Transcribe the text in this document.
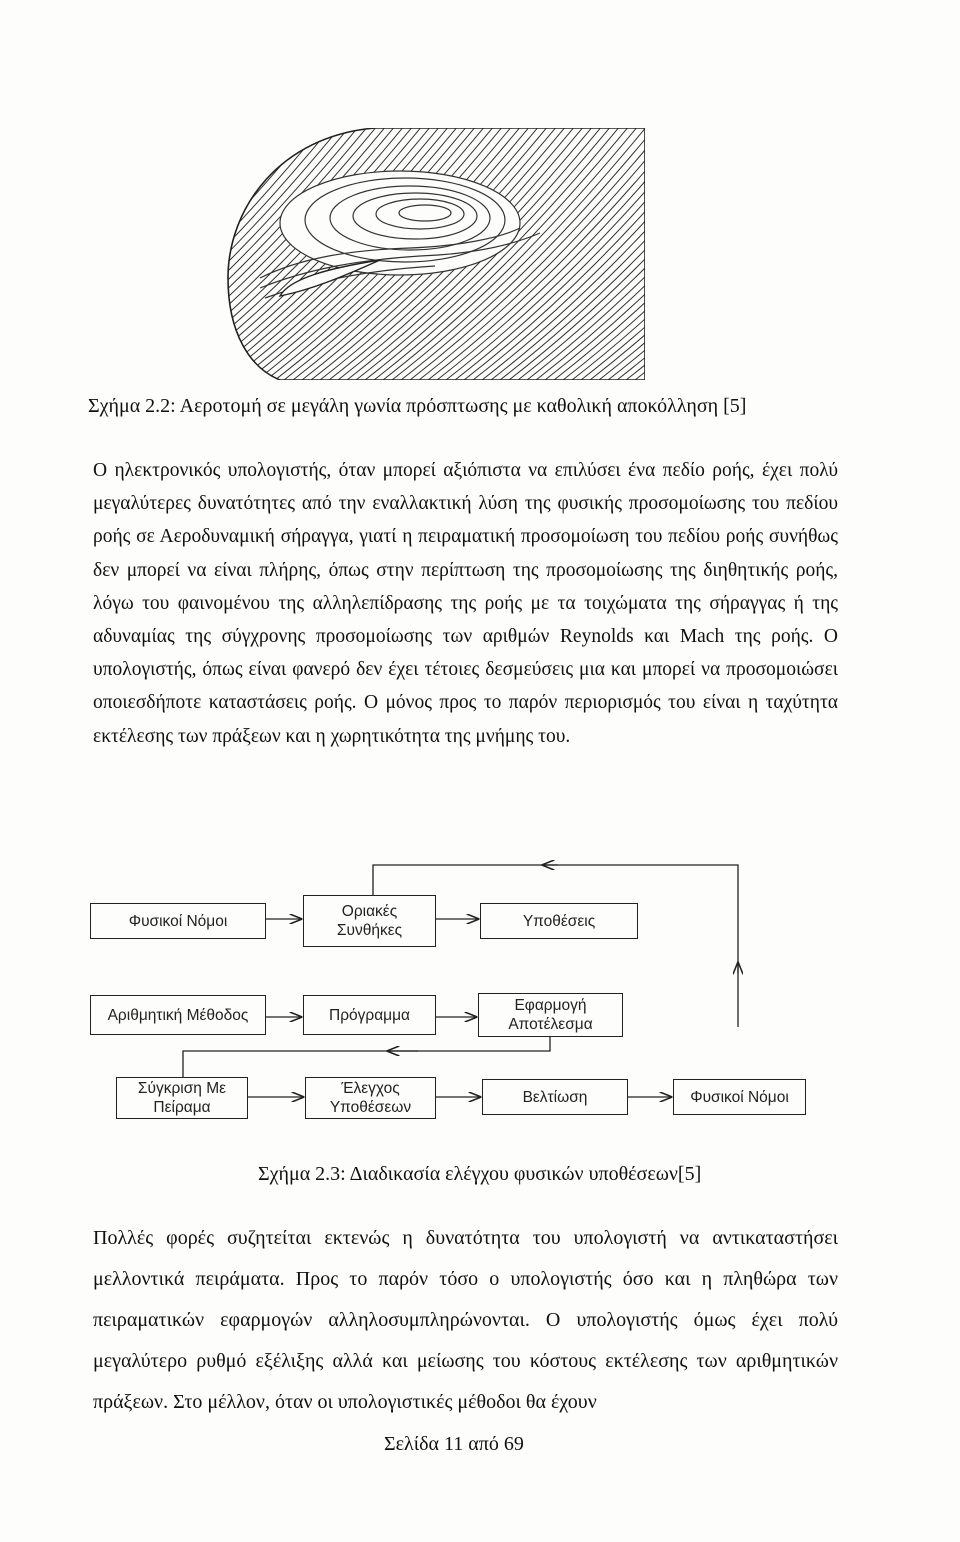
Σχήμα 2.2: Αεροτομή σε μεγάλη γωνία πρόσπτωσης με καθολική αποκόλληση [5]
Ο ηλεκτρονικός υπολογιστής, όταν μπορεί αξιόπιστα να επιλύσει ένα πεδίο ροής, έχει πολύ μεγαλύτερες δυνατότητες από την εναλλακτική λύση της φυσικής προσομοίωσης του πεδίου ροής σε Αεροδυναμική σήραγγα, γιατί η πειραματική προσομοίωση του πεδίου ροής συνήθως δεν μπορεί να είναι πλήρης, όπως στην περίπτωση της προσομοίωσης της διηθητικής ροής, λόγω του φαινομένου της αλληλεπίδρασης της ροής με τα τοιχώματα της σήραγγας ή της αδυναμίας της σύγχρονης προσομοίωσης των αριθμών Reynolds και Mach της ροής. Ο υπολογιστής, όπως είναι φανερό δεν έχει τέτοιες δεσμεύσεις μια και μπορεί να προσομοιώσει οποιεσδήποτε καταστάσεις ροής. Ο μόνος προς το παρόν περιορισμός του είναι η ταχύτητα εκτέλεσης των πράξεων και η χωρητικότητα της μνήμης του.
Φυσικοί Νόμοι
Οριακές
Συνθήκες
Υποθέσεις
Αριθμητική Μέθοδος	Πρόγραμμα
Εφαρμογή
Αποτέλεσμα
Σύγκριση Με
Πείραμα
Έλεγχος
Υποθέσεων
Βελτίωση	Φυσικοί Νόμοι
Σχήμα 2.3: Διαδικασία ελέγχου φυσικών υποθέσεων[5]
Πολλές φορές συζητείται εκτενώς η δυνατότητα του υπολογιστή να αντικαταστήσει μελλοντικά πειράματα. Προς το παρόν τόσο ο υπολογιστής όσο και η πληθώρα των πειραματικών εφαρμογών αλληλοσυμπληρώνονται. Ο υπολογιστής όμως έχει πολύ μεγαλύτερο ρυθμό εξέλιξης αλλά και μείωσης του κόστους εκτέλεσης των αριθμητικών πράξεων. Στο μέλλον, όταν οι υπολογιστικές μέθοδοι θα έχουν
Σελίδα 11 από 69
